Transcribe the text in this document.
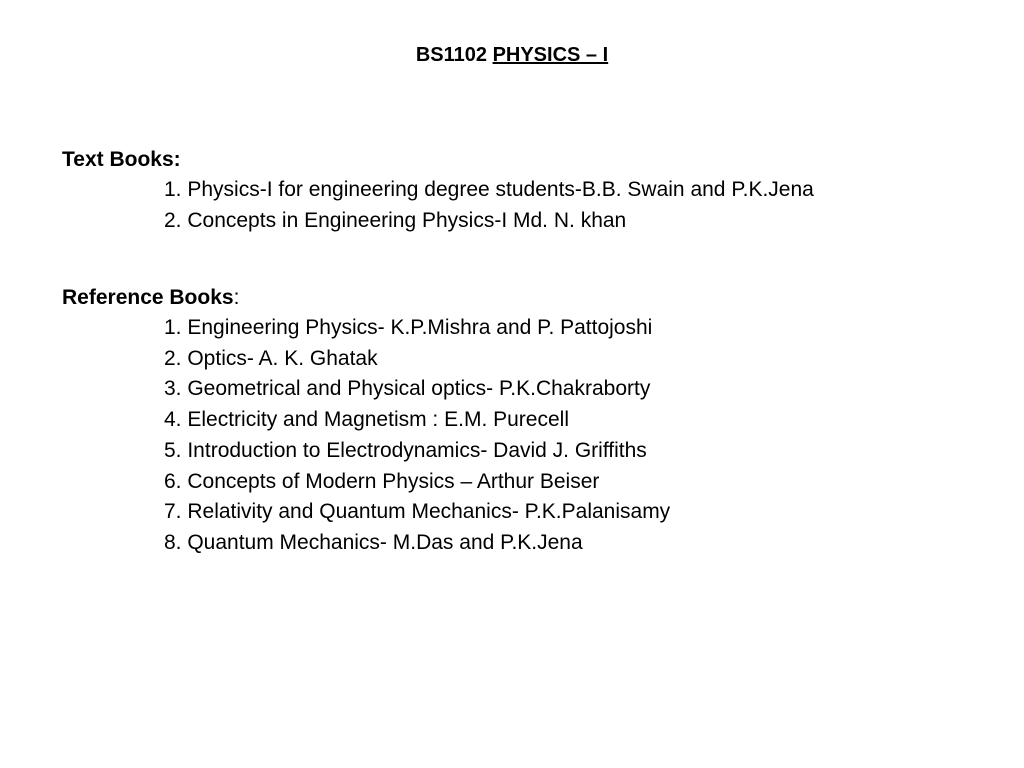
BS1102 PHYSICS – I
Text Books:
1. Physics-I for engineering degree students-B.B. Swain and P.K.Jena
2. Concepts in Engineering Physics-I Md. N. khan
Reference Books:
1. Engineering Physics- K.P.Mishra and P. Pattojoshi
2. Optics- A. K. Ghatak
3. Geometrical and Physical optics- P.K.Chakraborty
4. Electricity and Magnetism : E.M. Purecell
5. Introduction to Electrodynamics- David J. Griffiths
6. Concepts of Modern Physics – Arthur Beiser
7. Relativity and Quantum Mechanics- P.K.Palanisamy
8. Quantum Mechanics- M.Das and P.K.Jena
